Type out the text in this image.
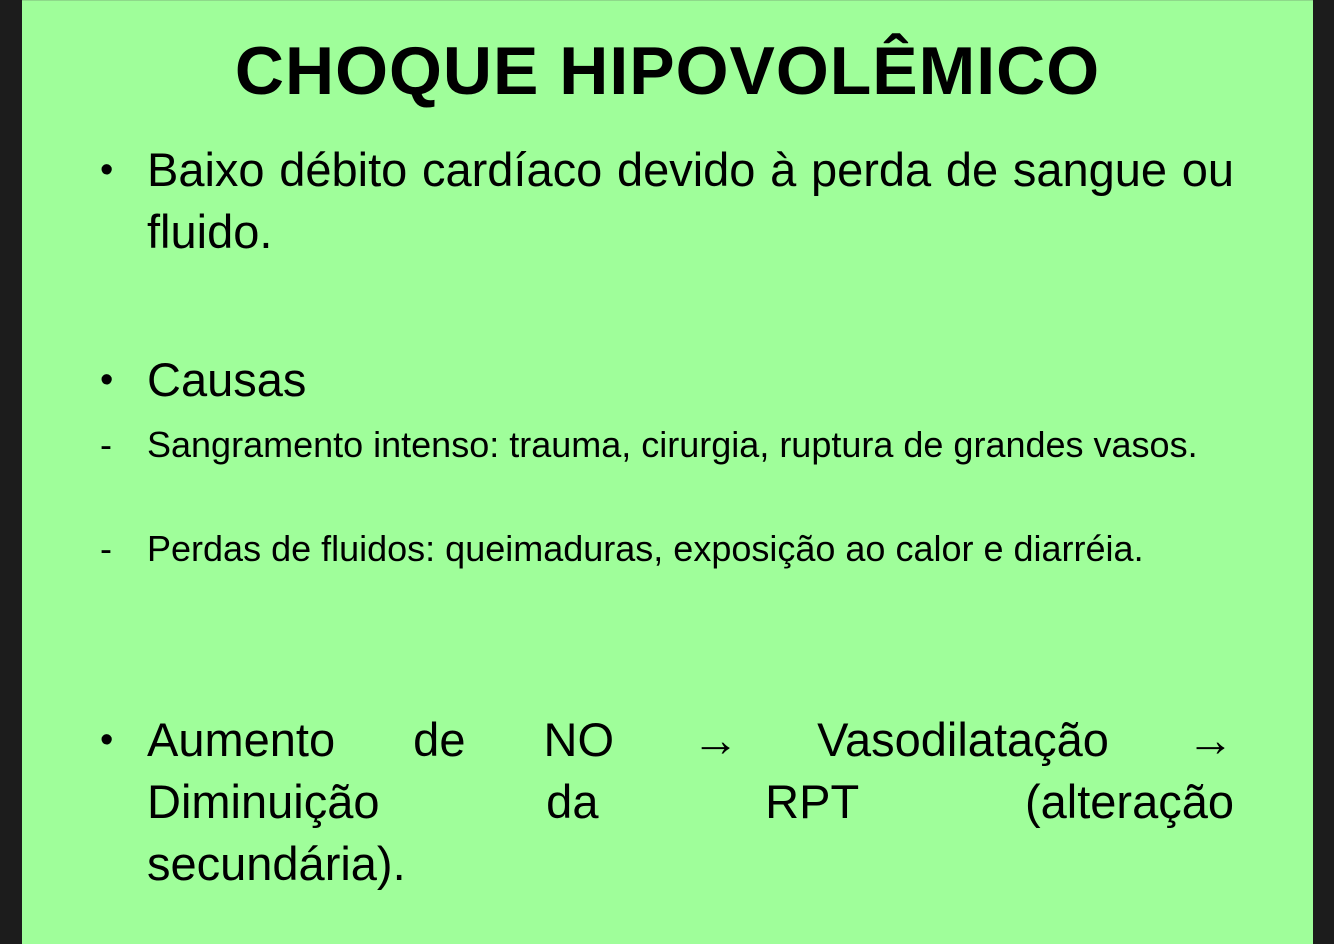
CHOQUE HIPOVOLÊMICO
• Baixo débito cardíaco devido à perda de sangue ou fluido.
• Causas
- Sangramento intenso: trauma, cirurgia, ruptura de grandes vasos.
- Perdas de fluidos: queimaduras, exposição ao calor e diarréia.
• Aumento de NO → Vasodilatação →
Diminuição da RPT (alteração
secundária).
